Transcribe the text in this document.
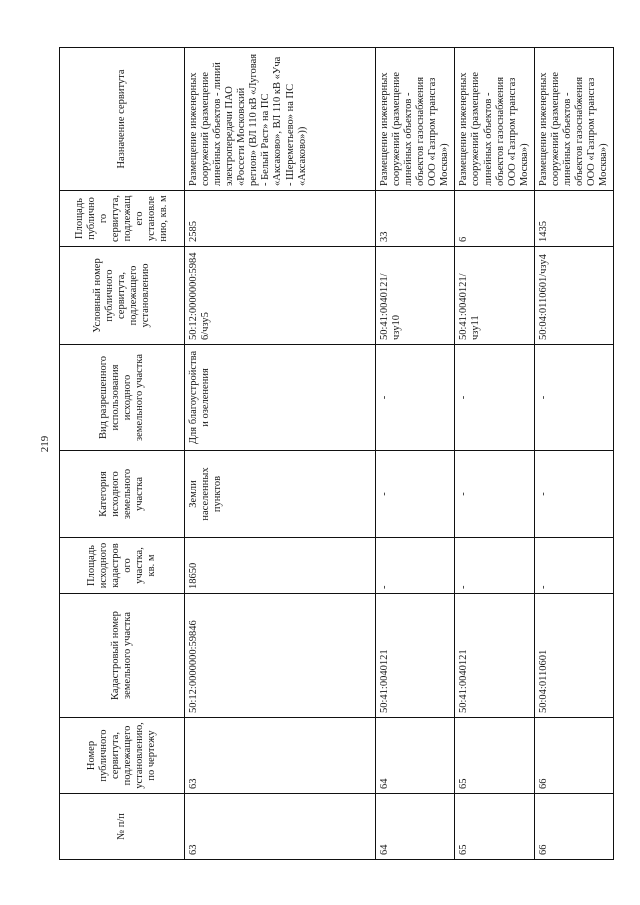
219
№ п/п	Номер публичного сервитута, подлежащего установлению, по чертежу	Кадастровый номер земельного участка	Площадь исходного кадастрового участка, кв. м	Категория исходного земельного участка	Вид разрешенного использования исходного земельного участка	Условный номер публичного сервитута, подлежащего установлению	Площадь публичного сервитута, подлежащего установлению, кв. м	Назначение сервитута
63	63	50:12:0000000:59846	18650	Земли населенных пунктов	Для благоустройства и озеленения	50:12:0000000:59846/чзу5	2585	Размещение инженерных сооружений (размещение линейных объектов - линий электропередачи ПАО «Россети Московский регион» (ВЛ 110 кВ «Луговая - Белый Раст» на ПС «Аксаково», ВЛ 110 кВ «Уча - Шереметьево» на ПС «Аксаково»))
64	64	50:41:0040121	-	-	-	50:41:0040121/чзу10	33	Размещение инженерных сооружений (размещение линейных объектов - объектов газоснабжения ООО «Газпром трансгаз Москва»)
65	65	50:41:0040121	-	-	-	50:41:0040121/чзу11	6	Размещение инженерных сооружений (размещение линейных объектов - объектов газоснабжения ООО «Газпром трансгаз Москва»)
66	66	50:04:0110601	-	-	-	50:04:0110601/чзу4	1435	Размещение инженерных сооружений (размещение линейных объектов - объектов газоснабжения ООО «Газпром трансгаз Москва»)
